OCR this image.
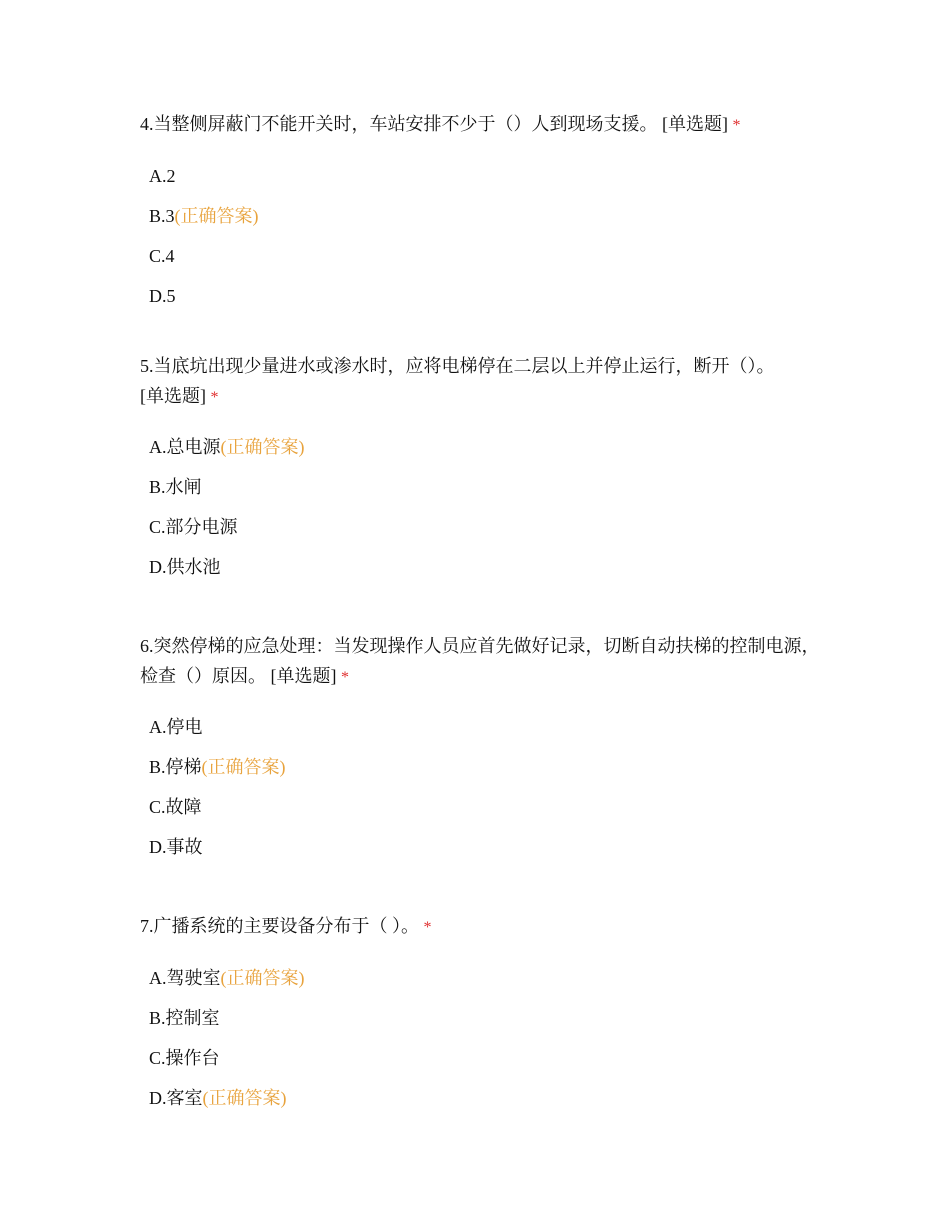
4.当整侧屏蔽门不能开关时，车站安排不少于（）人到现场支援。 [单选题] *

A.2
B.3 (正确答案)
C.4
D.5

5.当底坑出现少量进水或渗水时，应将电梯停在二层以上并停止运行，断开（）。
[单选题] *

A.总电源 (正确答案)
B.水闸
C.部分电源
D.供水池

6.突然停梯的应急处理：当发现操作人员应首先做好记录，切断自动扶梯的控制电源，检查（）原因。 [单选题] *

A.停电
B.停梯 (正确答案)
C.故障
D.事故

7.广播系统的主要设备分布于（ ）。 *

A.驾驶室 (正确答案)
B.控制室
C.操作台
D.客室 (正确答案)
